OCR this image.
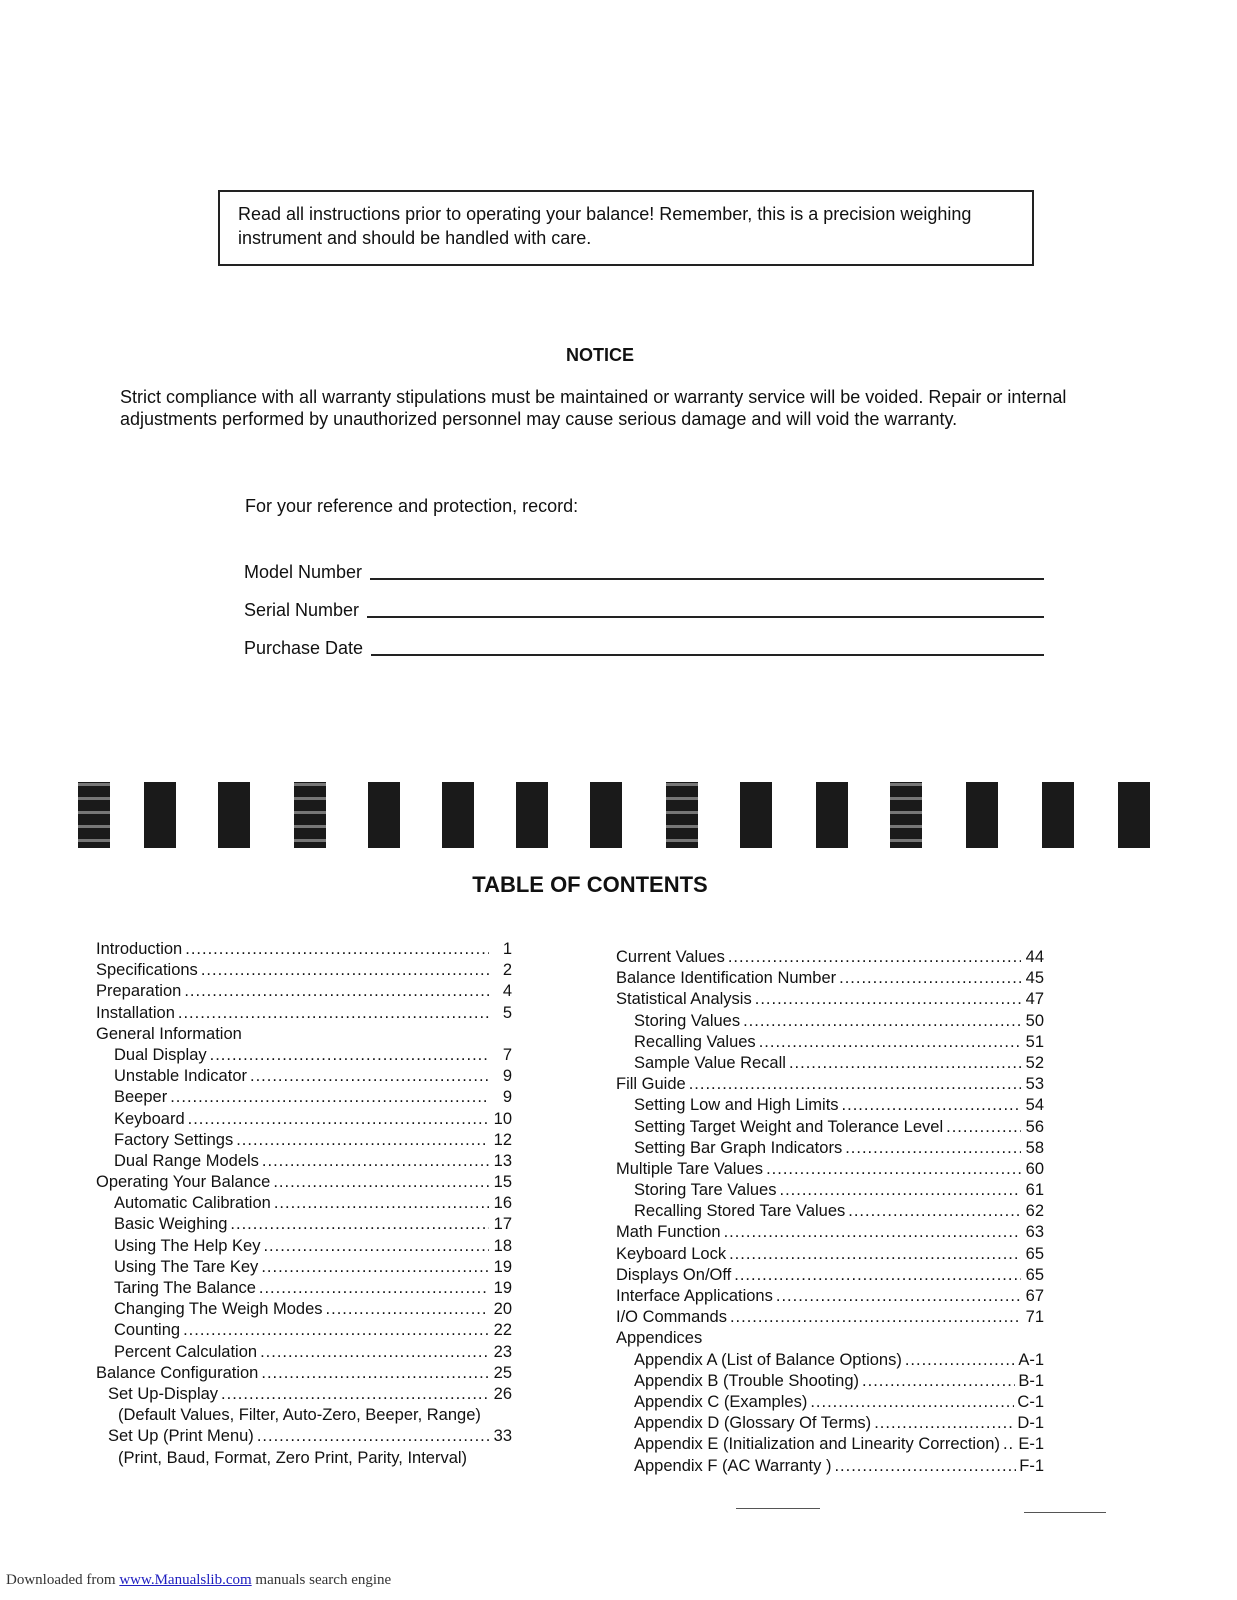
Read all instructions prior to operating your balance! Remember, this is a precision weighing
instrument and should be handled with care.
NOTICE
Strict compliance with all warranty stipulations must be maintained or warranty service will be voided. Repair or internal
adjustments performed by unauthorized personnel may cause serious damage and will void the warranty.
For your reference and protection, record:
Model Number
Serial Number
Purchase Date
TABLE OF CONTENTS
Introduction .....	1
Specifications .....	2
Preparation .....	4
Installation .....	5
General Information
Dual Display .....	7
Unstable Indicator .....	9
Beeper .....	9
Keyboard .....	10
Factory Settings .....	12
Dual Range Models .....	13
Operating Your Balance .....	15
Automatic Calibration .....	16
Basic Weighing .....	17
Using The Help Key .....	18
Using The Tare Key .....	19
Taring The Balance .....	19
Changing The Weigh Modes .....	20
Counting .....	22
Percent Calculation .....	23
Balance Configuration .....	25
Set Up-Display .....	26
(Default Values, Filter, Auto-Zero, Beeper, Range)
Set Up (Print Menu) .....	33
(Print, Baud, Format, Zero Print, Parity, Interval)
Current Values .....	44
Balance Identification Number .....	45
Statistical Analysis .....	47
Storing Values .....	50
Recalling Values .....	51
Sample Value Recall .....	52
Fill Guide .....	53
Setting Low and High Limits .....	54
Setting Target Weight and Tolerance Level .....	56
Setting Bar Graph Indicators .....	58
Multiple Tare Values .....	60
Storing Tare Values .....	61
Recalling Stored Tare Values .....	62
Math Function .....	63
Keyboard Lock .....	65
Displays On/Off .....	65
Interface Applications .....	67
I/O Commands .....	71
Appendices
Appendix A (List of Balance Options) .....	A-1
Appendix B (Trouble Shooting) .....	B-1
Appendix C (Examples) .....	C-1
Appendix D (Glossary Of Terms) .....	D-1
Appendix E (Initialization and Linearity Correction) ..... E-1
Appendix F (AC Warranty ) .....	F-1
Downloaded from www.Manualslib.com manuals search engine
